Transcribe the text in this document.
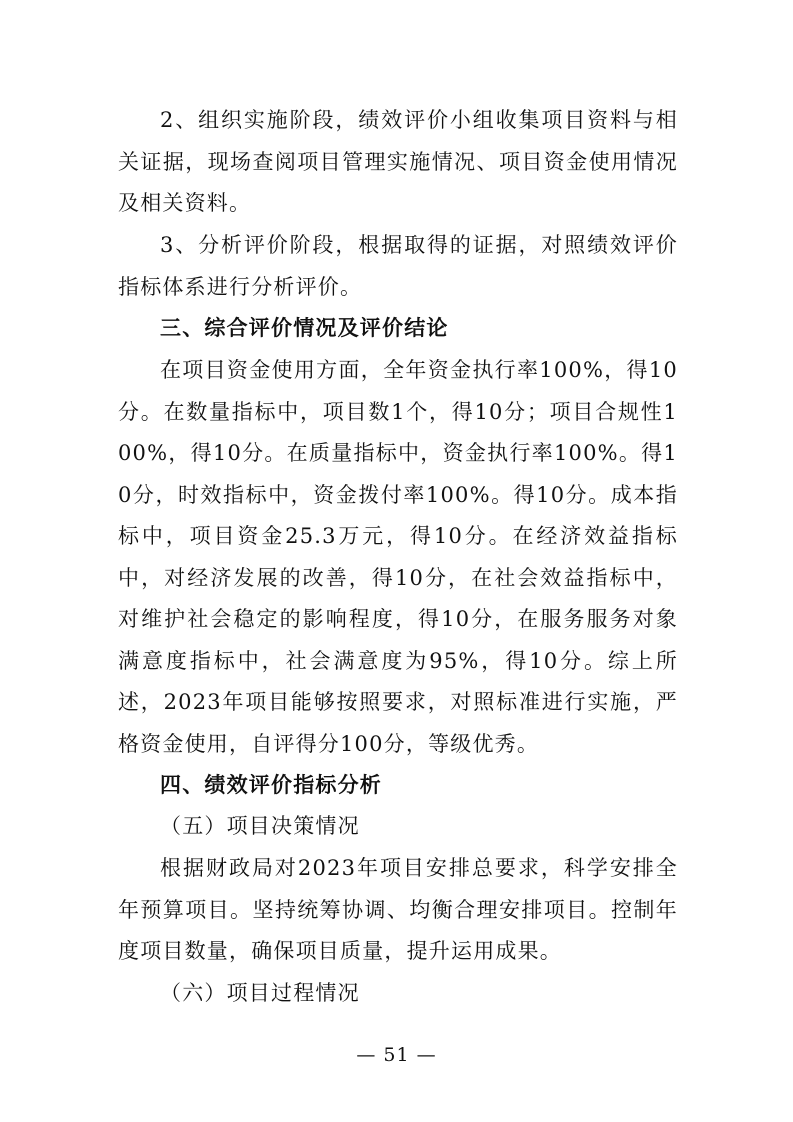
2、组织实施阶段，绩效评价小组收集项目资料与相关证据，现场查阅项目管理实施情况、项目资金使用情况及相关资料。

3、分析评价阶段，根据取得的证据，对照绩效评价指标体系进行分析评价。

三、综合评价情况及评价结论

在项目资金使用方面，全年资金执行率100%，得10分。在数量指标中，项目数1个，得10分；项目合规性100%，得10分。在质量指标中，资金执行率100%。得10分，时效指标中，资金拨付率100%。得10分。成本指标中，项目资金25.3万元，得10分。在经济效益指标中，对经济发展的改善，得10分，在社会效益指标中，对维护社会稳定的影响程度，得10分，在服务服务对象满意度指标中，社会满意度为95%，得10分。综上所述，2023年项目能够按照要求，对照标准进行实施，严格资金使用，自评得分100分，等级优秀。

四、绩效评价指标分析

（五）项目决策情况

根据财政局对2023年项目安排总要求，科学安排全年预算项目。坚持统筹协调、均衡合理安排项目。控制年度项目数量，确保项目质量，提升运用成果。

（六）项目过程情况

— 51 —
